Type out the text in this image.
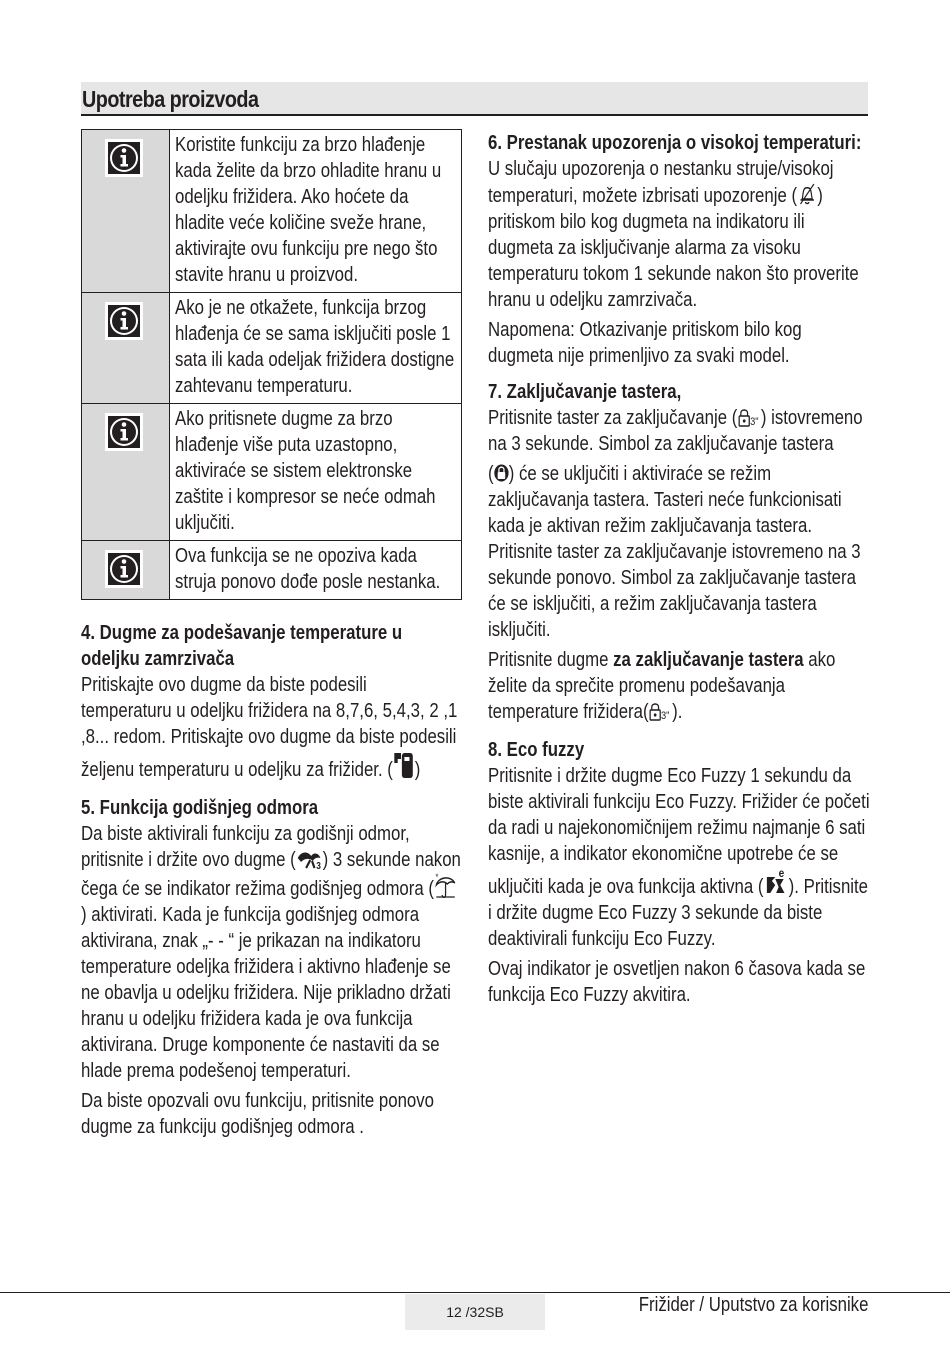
Upotreba proizvoda

Koristite funkciju za brzo hlađenje kada želite da brzo ohladite hranu u odeljku frižidera. Ako hoćete da hladite veće količine sveže hrane, aktivirajte ovu funkciju pre nego što stavite hranu u proizvod.

Ako je ne otkažete, funkcija brzog hlađenja će se sama isključiti posle 1 sata ili kada odeljak frižidera dostigne zahtevanu temperaturu.

Ako pritisnete dugme za brzo hlađenje više puta uzastopno, aktiviraće se sistem elektronske zaštite i kompresor se neće odmah uključiti.

Ova funkcija se ne opoziva kada struja ponovo dođe posle nestanka.

4. Dugme za podešavanje temperature u odeljku zamrzivača

Pritiskajte ovo dugme da biste podesili temperaturu u odeljku frižidera na 8,7,6, 5,4,3, 2 ,1 ,8... redom. Pritiskajte ovo dugme da biste podesili željenu temperaturu u odeljku za frižider. ( )

5. Funkcija godišnjeg odmora

Da biste aktivirali funkciju za godišnji odmor, pritisnite i držite ovo dugme ( 3 ) 3 sekunde nakon čega će se indikator režima godišnjeg odmora (
*
) aktivirati. Kada je funkcija godišnjeg odmora aktivirana, znak „- - “ je prikazan na indikatoru temperature odeljka frižidera i aktivno hlađenje se ne obavlja u odeljku frižidera. Nije prikladno držati hranu u odeljku frižidera kada je ova funkcija aktivirana. Druge komponente će nastaviti da se hlade prema podešenoj temperaturi.

Da biste opozvali ovu funkciju, pritisnite ponovo dugme za funkciju godišnjeg odmora .

6. Prestanak upozorenja o visokoj temperaturi:

U slučaju upozorenja o nestanku struje/visokoj temperaturi, možete izbrisati upozorenje ( ) pritiskom bilo kog dugmeta na indikatoru ili dugmeta za isključivanje alarma za visoku temperaturu tokom 1 sekunde nakon što proverite hranu u odeljku zamrzivača.

Napomena: Otkazivanje pritiskom bilo kog dugmeta nije primenljivo za svaki model.

7. Zaključavanje tastera,

Pritisnite taster za zaključavanje ( 3" ) istovremeno na 3 sekunde. Simbol za zaključavanje tastera

( ) će se uključiti i aktiviraće se režim zaključavanja tastera. Tasteri neće funkcionisati kada je aktivan režim zaključavanja tastera. Pritisnite taster za zaključavanje istovremeno na 3 sekunde ponovo. Simbol za zaključavanje tastera će se isključiti, a režim zaključavanja tastera isključiti.

Pritisnite dugme za zaključavanje tastera ako želite da sprečite promenu podešavanja temperature frižidera( 3" ).

8. Eco fuzzy

Pritisnite i držite dugme Eco Fuzzy 1 sekundu da biste aktivirali funkciju Eco Fuzzy. Frižider će početi da radi u najekonomičnijem režimu najmanje 6 sati kasnije, a indikator ekonomične upotrebe će se uključiti kada je ova funkcija aktivna (
e
). Pritisnite i držite dugme Eco Fuzzy 3 sekunde da biste deaktivirali funkciju Eco Fuzzy.

Ovaj indikator je osvetljen nakon 6 časova kada se funkcija Eco Fuzzy akvitira.

12 /32SB	Frižider / Uputstvo za korisnike
